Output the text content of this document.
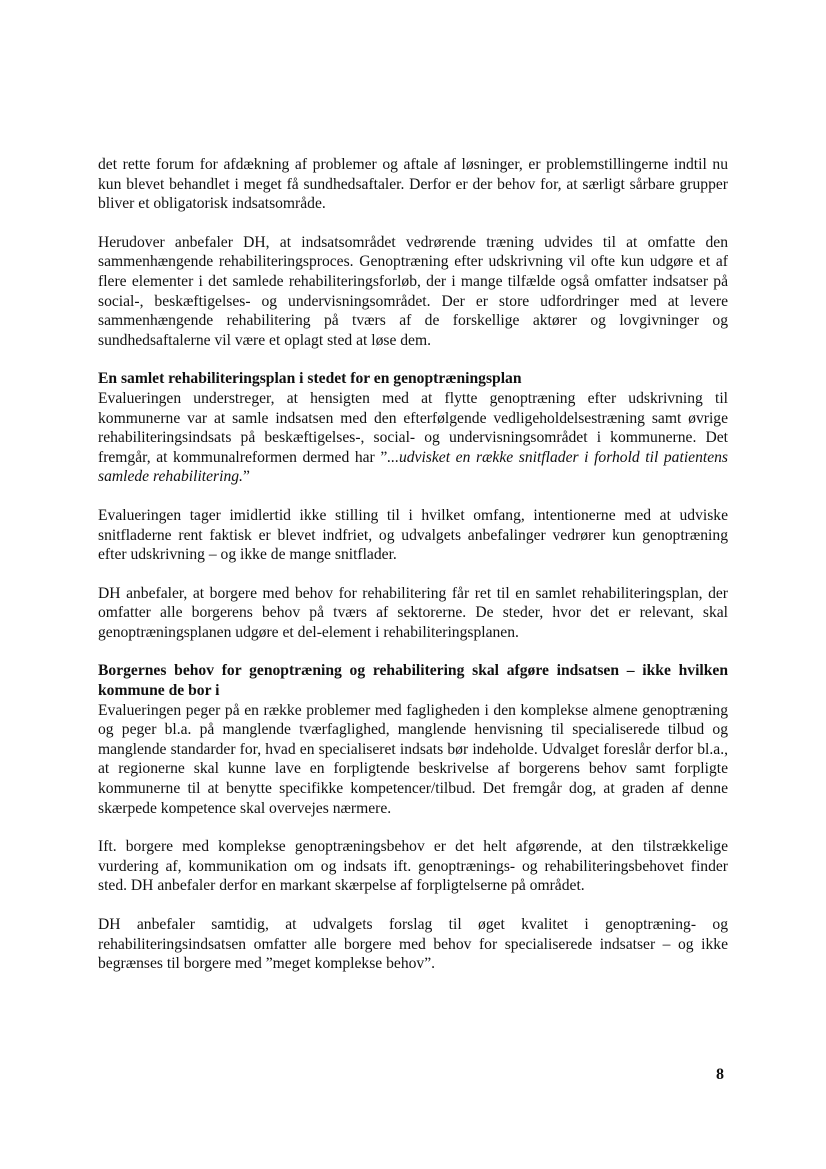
det rette forum for afdækning af problemer og aftale af løsninger, er problemstillingerne indtil nu kun blevet behandlet i meget få sundhedsaftaler. Derfor er der behov for, at særligt sårbare grupper bliver et obligatorisk indsatsområde.

Herudover anbefaler DH, at indsatsområdet vedrørende træning udvides til at omfatte den sammenhængende rehabiliteringsproces. Genoptræning efter udskrivning vil ofte kun udgøre et af flere elementer i det samlede rehabiliteringsforløb, der i mange tilfælde også omfatter indsatser på social-, beskæftigelses- og undervisningsområdet. Der er store udfordringer med at levere sammenhængende rehabilitering på tværs af de forskellige aktører og lovgivninger og sundhedsaftalerne vil være et oplagt sted at løse dem.

En samlet rehabiliteringsplan i stedet for en genoptræningsplan

Evalueringen understreger, at hensigten med at flytte genoptræning efter udskrivning til kommunerne var at samle indsatsen med den efterfølgende vedligeholdelsestræning samt øvrige rehabiliteringsindsats på beskæftigelses-, social- og undervisningsområdet i kommunerne. Det fremgår, at kommunalreformen dermed har ”...udvisket en række snitflader i forhold til patientens samlede rehabilitering.”

Evalueringen tager imidlertid ikke stilling til i hvilket omfang, intentionerne med at udviske snitfladerne rent faktisk er blevet indfriet, og udvalgets anbefalinger vedrører kun genoptræning efter udskrivning – og ikke de mange snitflader.

DH anbefaler, at borgere med behov for rehabilitering får ret til en samlet rehabiliteringsplan, der omfatter alle borgerens behov på tværs af sektorerne. De steder, hvor det er relevant, skal genoptræningsplanen udgøre et del-element i rehabiliteringsplanen.

Borgernes behov for genoptræning og rehabilitering skal afgøre indsatsen – ikke hvilken kommune de bor i

Evalueringen peger på en række problemer med fagligheden i den komplekse almene genoptræning og peger bl.a. på manglende tværfaglighed, manglende henvisning til specialiserede tilbud og manglende standarder for, hvad en specialiseret indsats bør indeholde. Udvalget foreslår derfor bl.a., at regionerne skal kunne lave en forpligtende beskrivelse af borgerens behov samt forpligte kommunerne til at benytte specifikke kompetencer/tilbud. Det fremgår dog, at graden af denne skærpede kompetence skal overvejes nærmere.

Ift. borgere med komplekse genoptræningsbehov er det helt afgørende, at den tilstrækkelige vurdering af, kommunikation om og indsats ift. genoptrænings- og rehabiliteringsbehovet finder sted. DH anbefaler derfor en markant skærpelse af forpligtelserne på området.

DH anbefaler samtidig, at udvalgets forslag til øget kvalitet i genoptræning- og rehabiliteringsindsatsen omfatter alle borgere med behov for specialiserede indsatser – og ikke begrænses til borgere med ”meget komplekse behov”.

8
